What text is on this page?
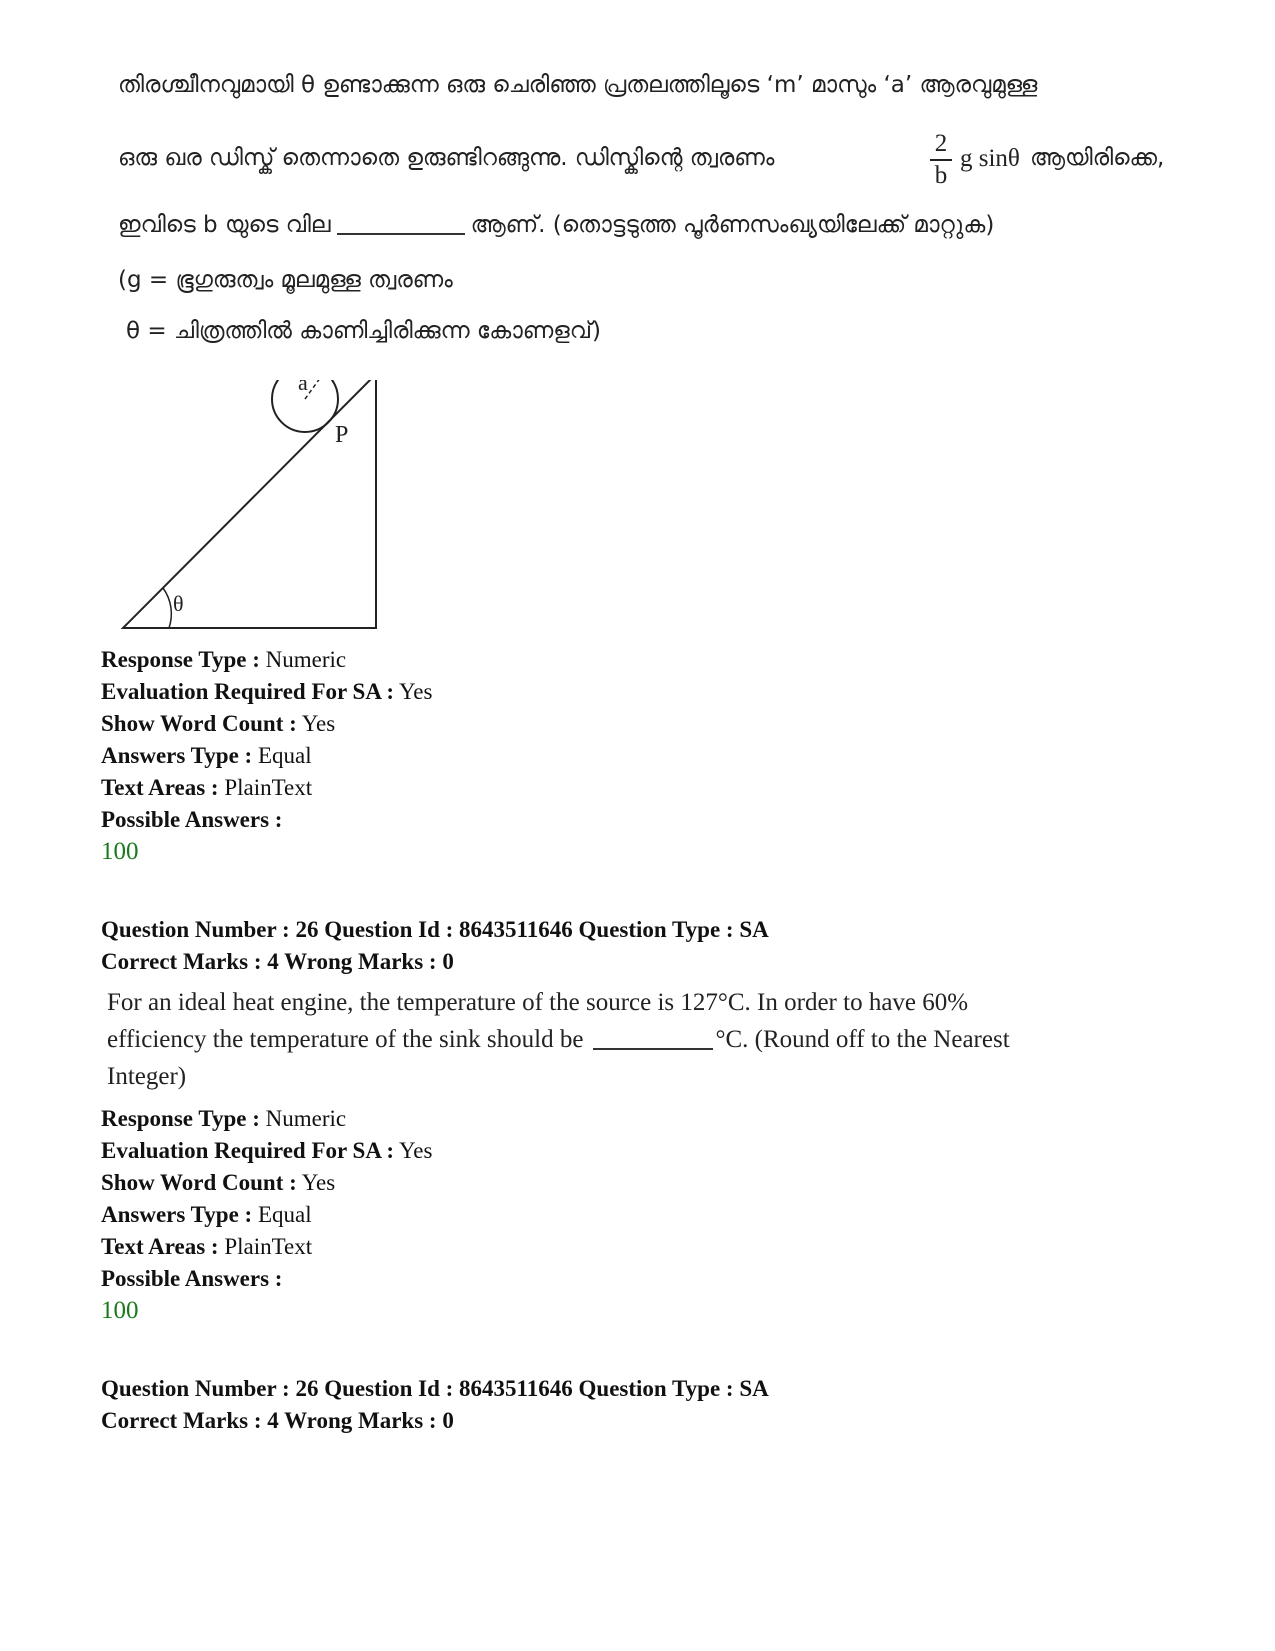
തിരശ്ചീനവുമായി θ ഉണ്ടാക്കുന്ന ഒരു ചെരിഞ്ഞ പ്രതലത്തിലൂടെ ‘m’ മാസും ‘a’ ആരവുമുള്ള
ഒരു ഖര ഡിസ്ക് തെന്നാതെ ഉരുണ്ടിറങ്ങുന്നു. ഡിസ്കിന്റെ ത്വരണം
2
b
g sinθ ആയിരിക്കെ,
ഇവിടെ b യുടെ വില	ആണ്. (തൊട്ടടുത്ത പൂർണസംഖ്യയിലേക്ക് മാറ്റുക)
(g = ഭൂഗുരുത്വം മൂലമുള്ള ത്വരണം
θ = ചിത്രത്തിൽ കാണിച്ചിരിക്കുന്ന കോണളവ്)
a
P
θ
Response Type : Numeric
Evaluation Required For SA : Yes
Show Word Count : Yes
Answers Type : Equal
Text Areas : PlainText
Possible Answers :
100
Question Number : 26 Question Id : 8643511646 Question Type : SA
Correct Marks : 4 Wrong Marks : 0
For an ideal heat engine, the temperature of the source is 127°C. In order to have 60%
efficiency the temperature of the sink should be	°C. (Round off to the Nearest
Integer)
Response Type : Numeric
Evaluation Required For SA : Yes
Show Word Count : Yes
Answers Type : Equal
Text Areas : PlainText
Possible Answers :
100
Question Number : 26 Question Id : 8643511646 Question Type : SA
Correct Marks : 4 Wrong Marks : 0
